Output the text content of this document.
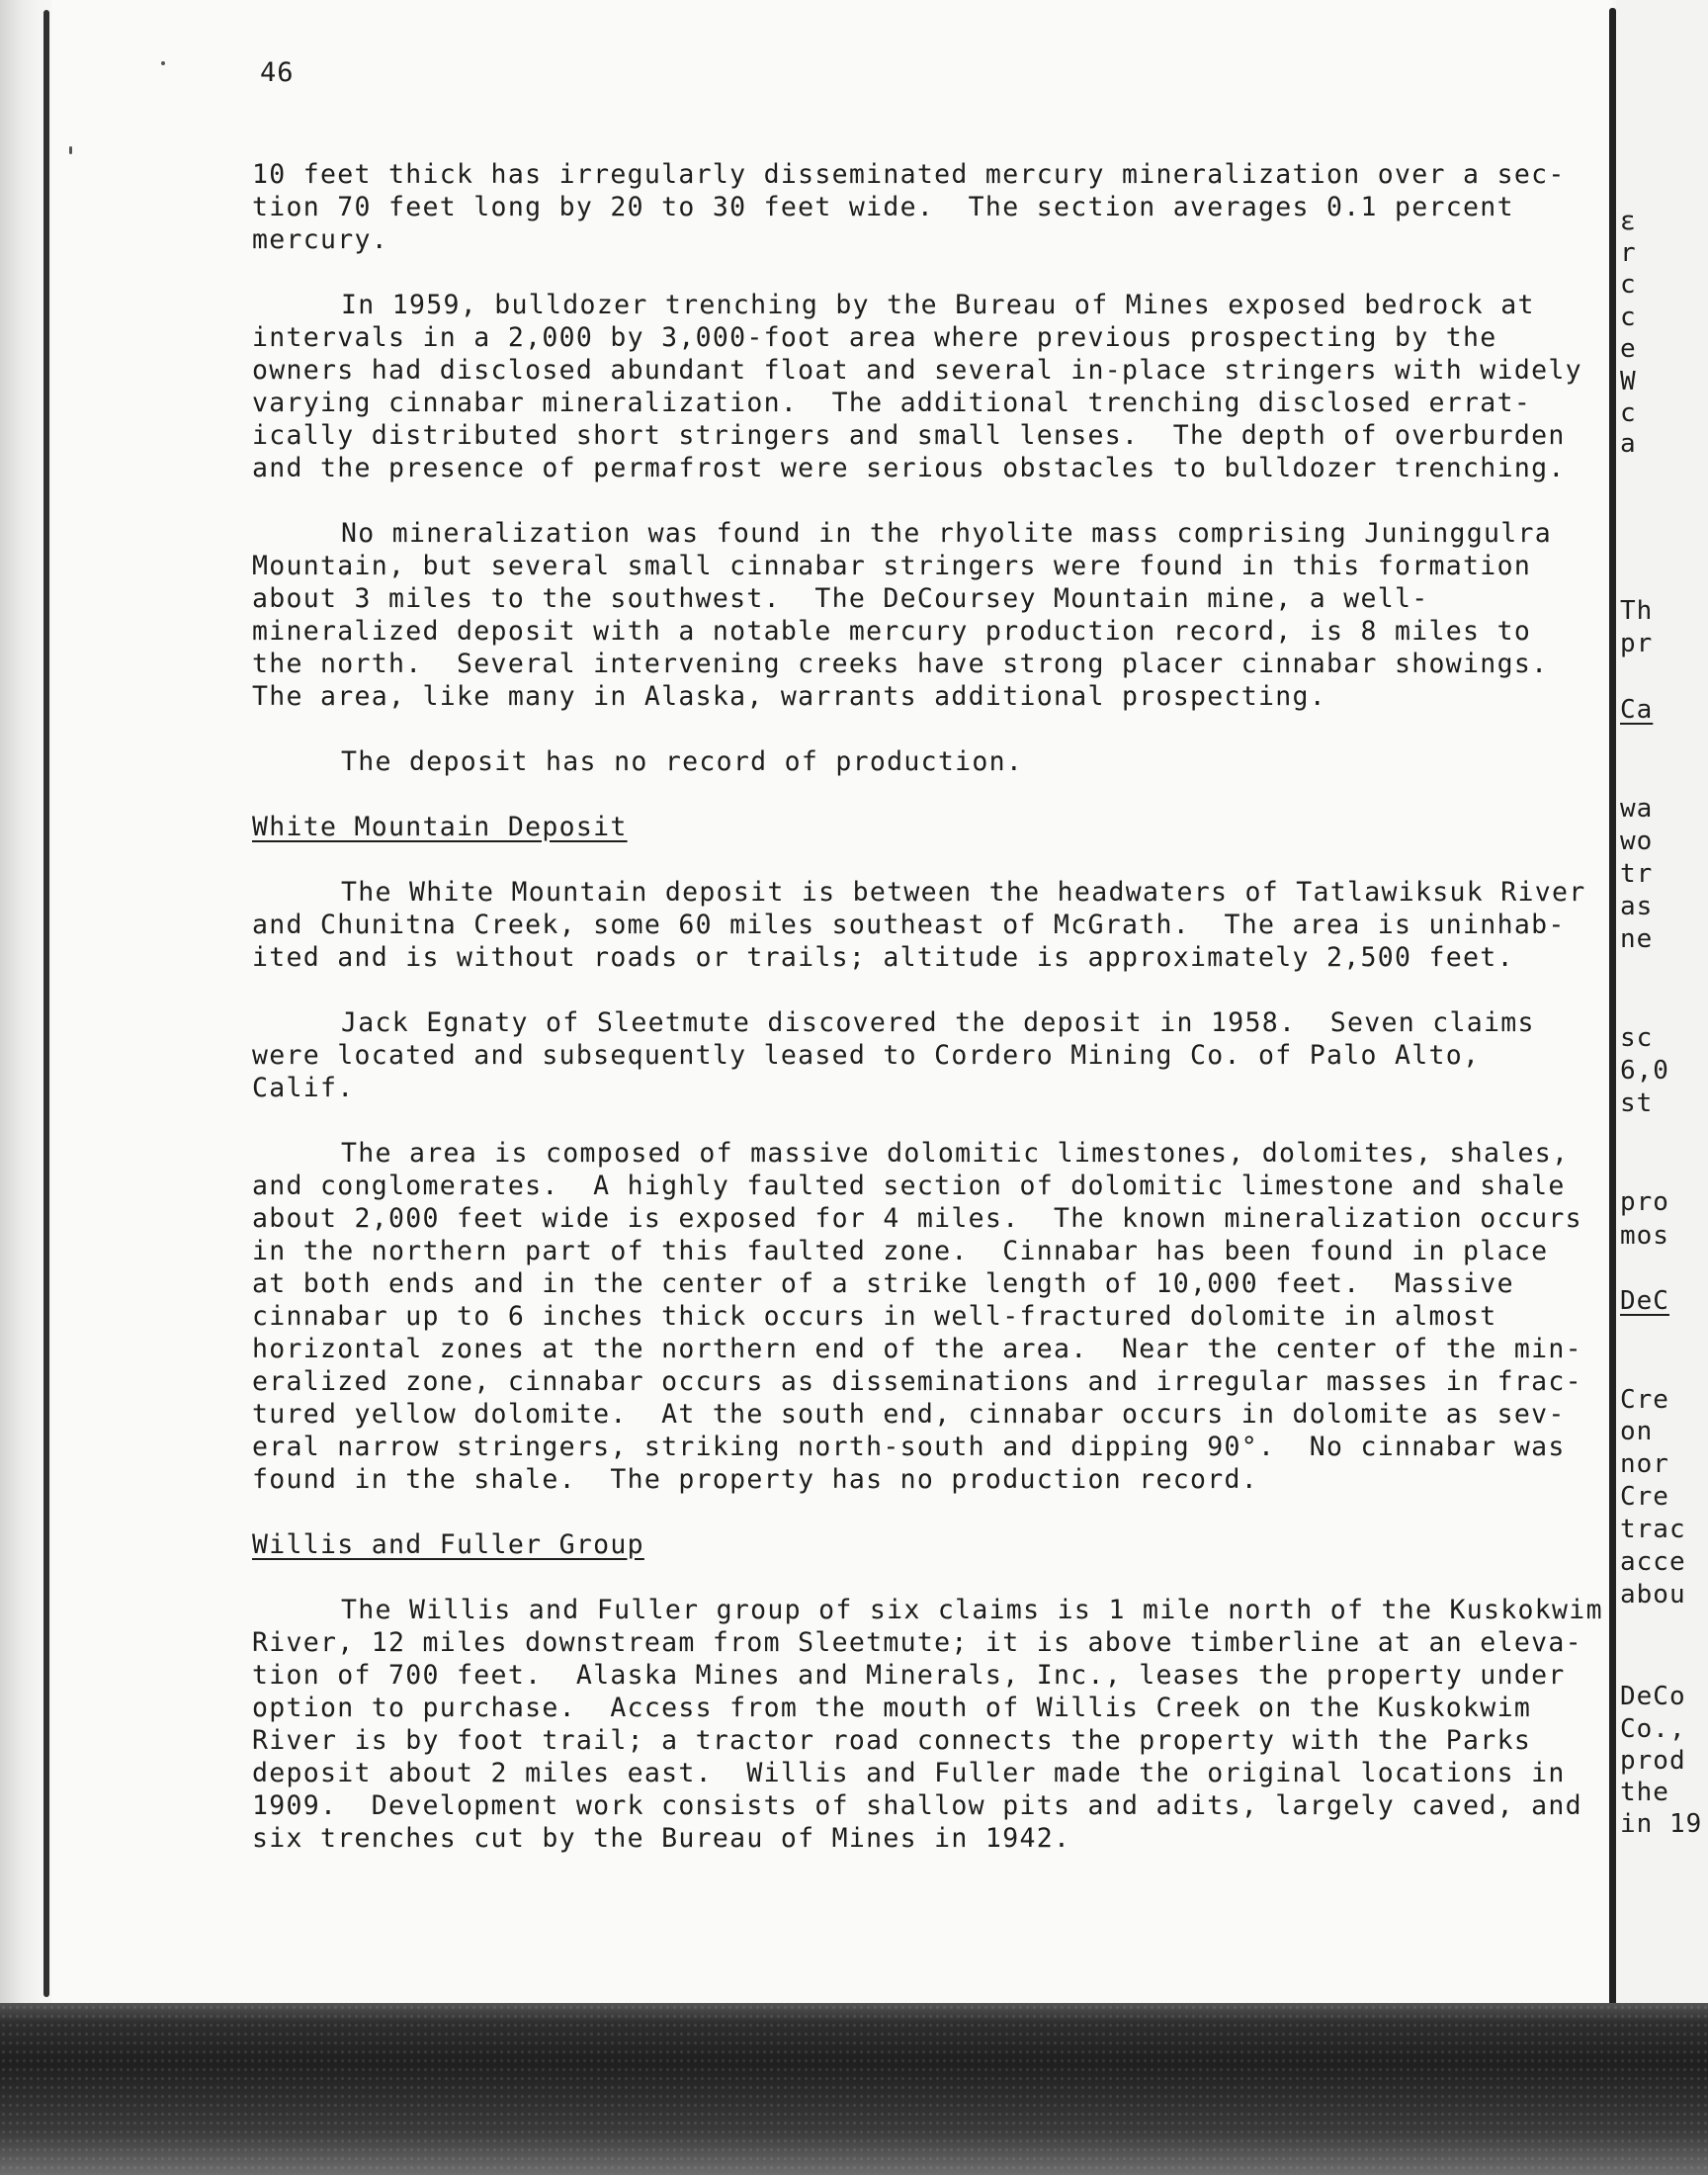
46
10 feet thick has irregularly disseminated mercury mineralization over a sec-
tion 70 feet long by 20 to 30 feet wide.  The section averages 0.1 percent
mercury.
In 1959, bulldozer trenching by the Bureau of Mines exposed bedrock at
intervals in a 2,000 by 3,000-foot area where previous prospecting by the
owners had disclosed abundant float and several in-place stringers with widely
varying cinnabar mineralization.  The additional trenching disclosed errat-
ically distributed short stringers and small lenses.  The depth of overburden
and the presence of permafrost were serious obstacles to bulldozer trenching.
No mineralization was found in the rhyolite mass comprising Juninggulra
Mountain, but several small cinnabar stringers were found in this formation
about 3 miles to the southwest.  The DeCoursey Mountain mine, a well-
mineralized deposit with a notable mercury production record, is 8 miles to
the north.  Several intervening creeks have strong placer cinnabar showings.
The area, like many in Alaska, warrants additional prospecting.
The deposit has no record of production.
White Mountain Deposit
The White Mountain deposit is between the headwaters of Tatlawiksuk River
and Chunitna Creek, some 60 miles southeast of McGrath.  The area is uninhab-
ited and is without roads or trails; altitude is approximately 2,500 feet.
Jack Egnaty of Sleetmute discovered the deposit in 1958.  Seven claims
were located and subsequently leased to Cordero Mining Co. of Palo Alto,
Calif.
The area is composed of massive dolomitic limestones, dolomites, shales,
and conglomerates.  A highly faulted section of dolomitic limestone and shale
about 2,000 feet wide is exposed for 4 miles.  The known mineralization occurs
in the northern part of this faulted zone.  Cinnabar has been found in place
at both ends and in the center of a strike length of 10,000 feet.  Massive
cinnabar up to 6 inches thick occurs in well-fractured dolomite in almost
horizontal zones at the northern end of the area.  Near the center of the min-
eralized zone, cinnabar occurs as disseminations and irregular masses in frac-
tured yellow dolomite.  At the south end, cinnabar occurs in dolomite as sev-
eral narrow stringers, striking north-south and dipping 90°.  No cinnabar was
found in the shale.  The property has no production record.
Willis and Fuller Group
The Willis and Fuller group of six claims is 1 mile north of the Kuskokwim
River, 12 miles downstream from Sleetmute; it is above timberline at an eleva-
tion of 700 feet.  Alaska Mines and Minerals, Inc., leases the property under
option to purchase.  Access from the mouth of Willis Creek on the Kuskokwim
River is by foot trail; a tractor road connects the property with the Parks
deposit about 2 miles east.  Willis and Fuller made the original locations in
1909.  Development work consists of shallow pits and adits, largely caved, and
six trenches cut by the Bureau of Mines in 1942.
ε
r
c
c
e
W
c
a
Th
pr
Ca
wa
wo
tr
as
ne
sc
6,0
st
pro
mos
DeC
Cre
on
nor
Cre
trac
acce
abou
DeCo
Co.,
prod
the
in 19
